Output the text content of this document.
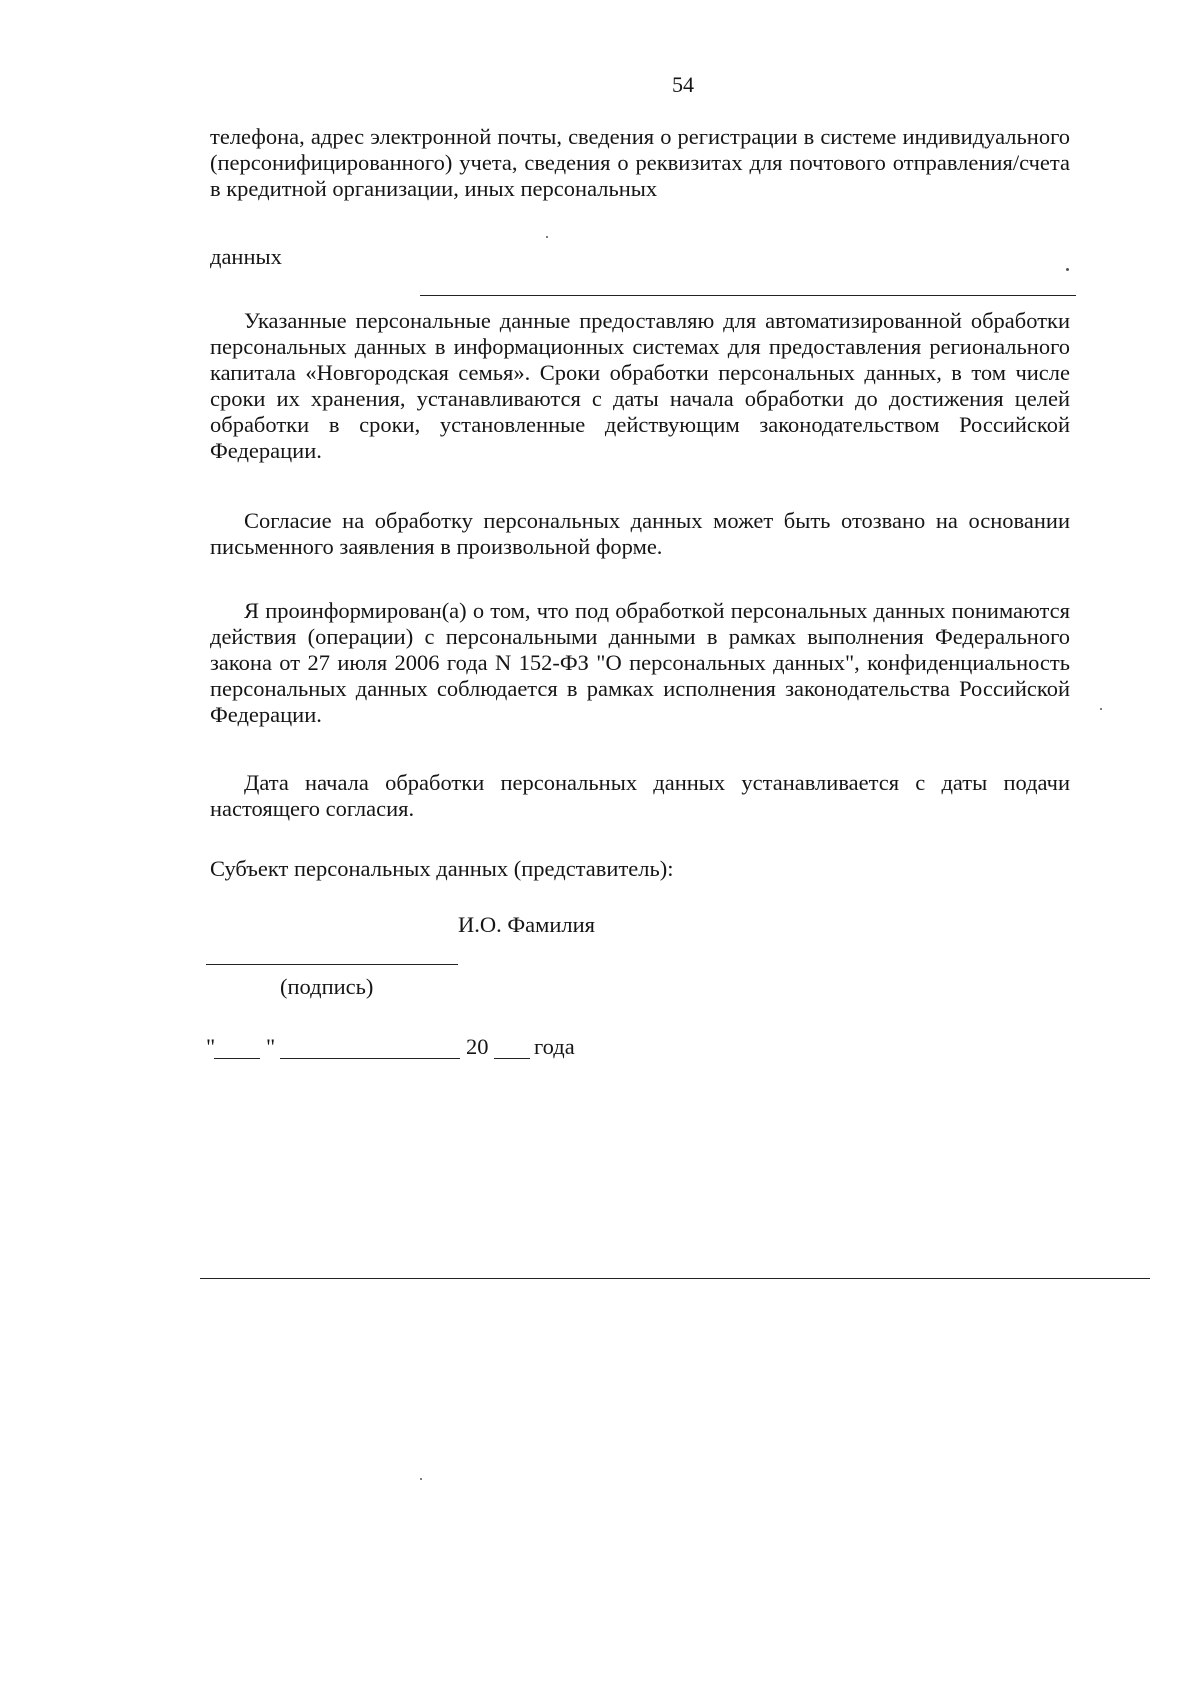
54
телефона, адрес электронной почты, сведения о регистрации в системе индивидуального (персонифицированного) учета, сведения о реквизитах для почтового отправления/счета в кредитной организации, иных персональных
данных
Указанные персональные данные предоставляю для автоматизированной обработки персональных данных в информационных системах для предоставления регионального капитала «Новгородская семья». Сроки обработки персональных данных, в том числе сроки их хранения, устанавливаются с даты начала обработки до достижения целей обработки в сроки, установленные действующим законодательством Российской Федерации.
Согласие на обработку персональных данных может быть отозвано на основании письменного заявления в произвольной форме.
Я проинформирован(а) о том, что под обработкой персональных данных понимаются действия (операции) с персональными данными в рамках выполнения Федерального закона от 27 июля 2006 года N 152-ФЗ "О персональных данных", конфиденциальность персональных данных соблюдается в рамках исполнения законодательства Российской Федерации.
Дата начала обработки персональных данных устанавливается с даты подачи настоящего согласия.
Субъект персональных данных (представитель):
И.О. Фамилия
(подпись)
" "	20 года
